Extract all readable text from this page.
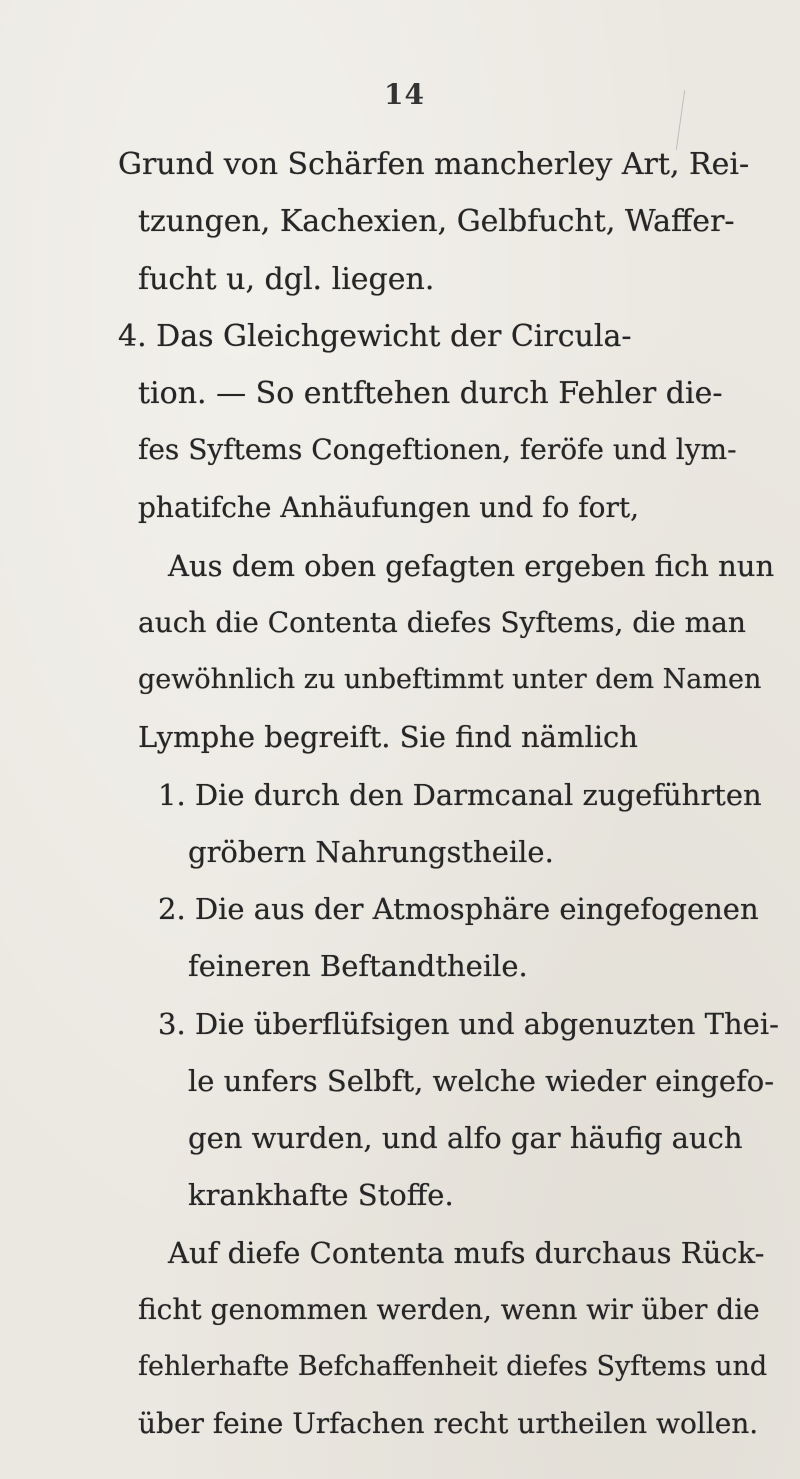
14
Grund von Schärfen mancherley Art, Rei-
tzungen, Kachexien, Gelbfucht, Waffer-
fucht u, dgl. liegen.
4. Das Gleichgewicht der Circula-
tion. — So entftehen durch Fehler die-
fes Syftems Congeftionen, feröfe und lym-
phatifche Anhäufungen und fo fort,
Aus dem oben gefagten ergeben fich nun
auch die Contenta diefes Syftems, die man
gewöhnlich zu unbeftimmt unter dem Namen
Lymphe begreift. Sie find nämlich
1. Die durch den Darmcanal zugeführten
gröbern Nahrungstheile.
2. Die aus der Atmosphäre eingefogenen
feineren Beftandtheile.
3. Die überflüfsigen und abgenuzten Thei-
le unfers Selbft, welche wieder eingefo-
gen wurden, und alfo gar häufig auch
krankhafte Stoffe.
Auf diefe Contenta mufs durchaus Rück-
ficht genommen werden, wenn wir über die
fehlerhafte Befchaffenheit diefes Syftems und
über feine Urfachen recht urtheilen wollen.
